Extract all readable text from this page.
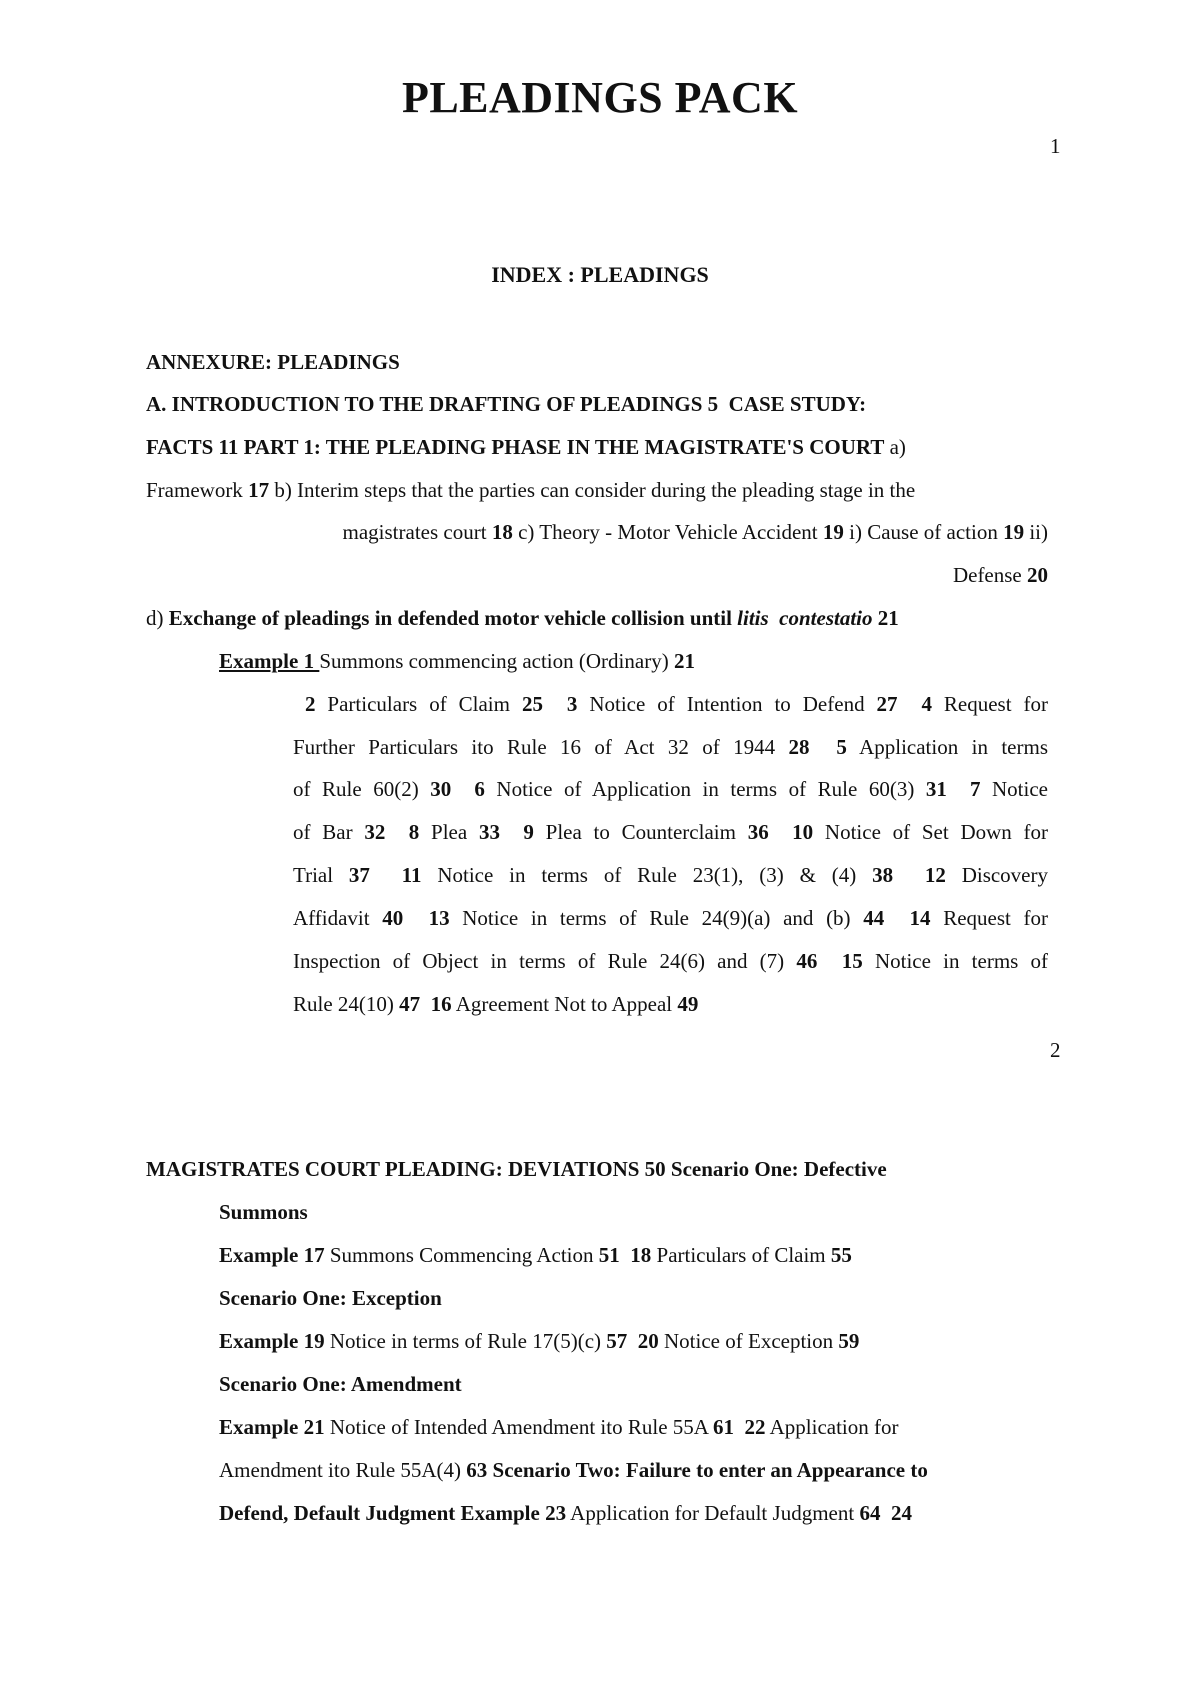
PLEADINGS PACK
1
INDEX : PLEADINGS
ANNEXURE: PLEADINGS
A. INTRODUCTION TO THE DRAFTING OF PLEADINGS 5  CASE STUDY:
FACTS 11 PART 1: THE PLEADING PHASE IN THE MAGISTRATE'S COURT a)
Framework 17 b) Interim steps that the parties can consider during the pleading stage in the
magistrates court 18 c) Theory - Motor Vehicle Accident 19 i) Cause of action 19 ii)
Defense 20
d) Exchange of pleadings in defended motor vehicle collision until litis  contestatio 21
Example 1 Summons commencing action (Ordinary) 21
2 Particulars of Claim 25  3 Notice of Intention to Defend 27  4 Request for
Further Particulars ito Rule 16 of Act 32 of 1944 28  5 Application in terms
of Rule 60(2) 30  6 Notice of Application in terms of Rule 60(3) 31  7 Notice
of Bar 32  8 Plea 33  9 Plea to Counterclaim 36  10 Notice of Set Down for
Trial 37  11 Notice in terms of Rule 23(1), (3) & (4) 38  12 Discovery
Affidavit 40  13 Notice in terms of Rule 24(9)(a) and (b) 44  14 Request for
Inspection of Object in terms of Rule 24(6) and (7) 46  15 Notice in terms of
Rule 24(10) 47  16 Agreement Not to Appeal 49
2
MAGISTRATES COURT PLEADING: DEVIATIONS 50 Scenario One: Defective
Summons
Example 17 Summons Commencing Action 51  18 Particulars of Claim 55
Scenario One: Exception
Example 19 Notice in terms of Rule 17(5)(c) 57  20 Notice of Exception 59
Scenario One: Amendment
Example 21 Notice of Intended Amendment ito Rule 55A 61  22 Application for
Amendment ito Rule 55A(4) 63 Scenario Two: Failure to enter an Appearance to
Defend, Default Judgment Example 23 Application for Default Judgment 64  24
